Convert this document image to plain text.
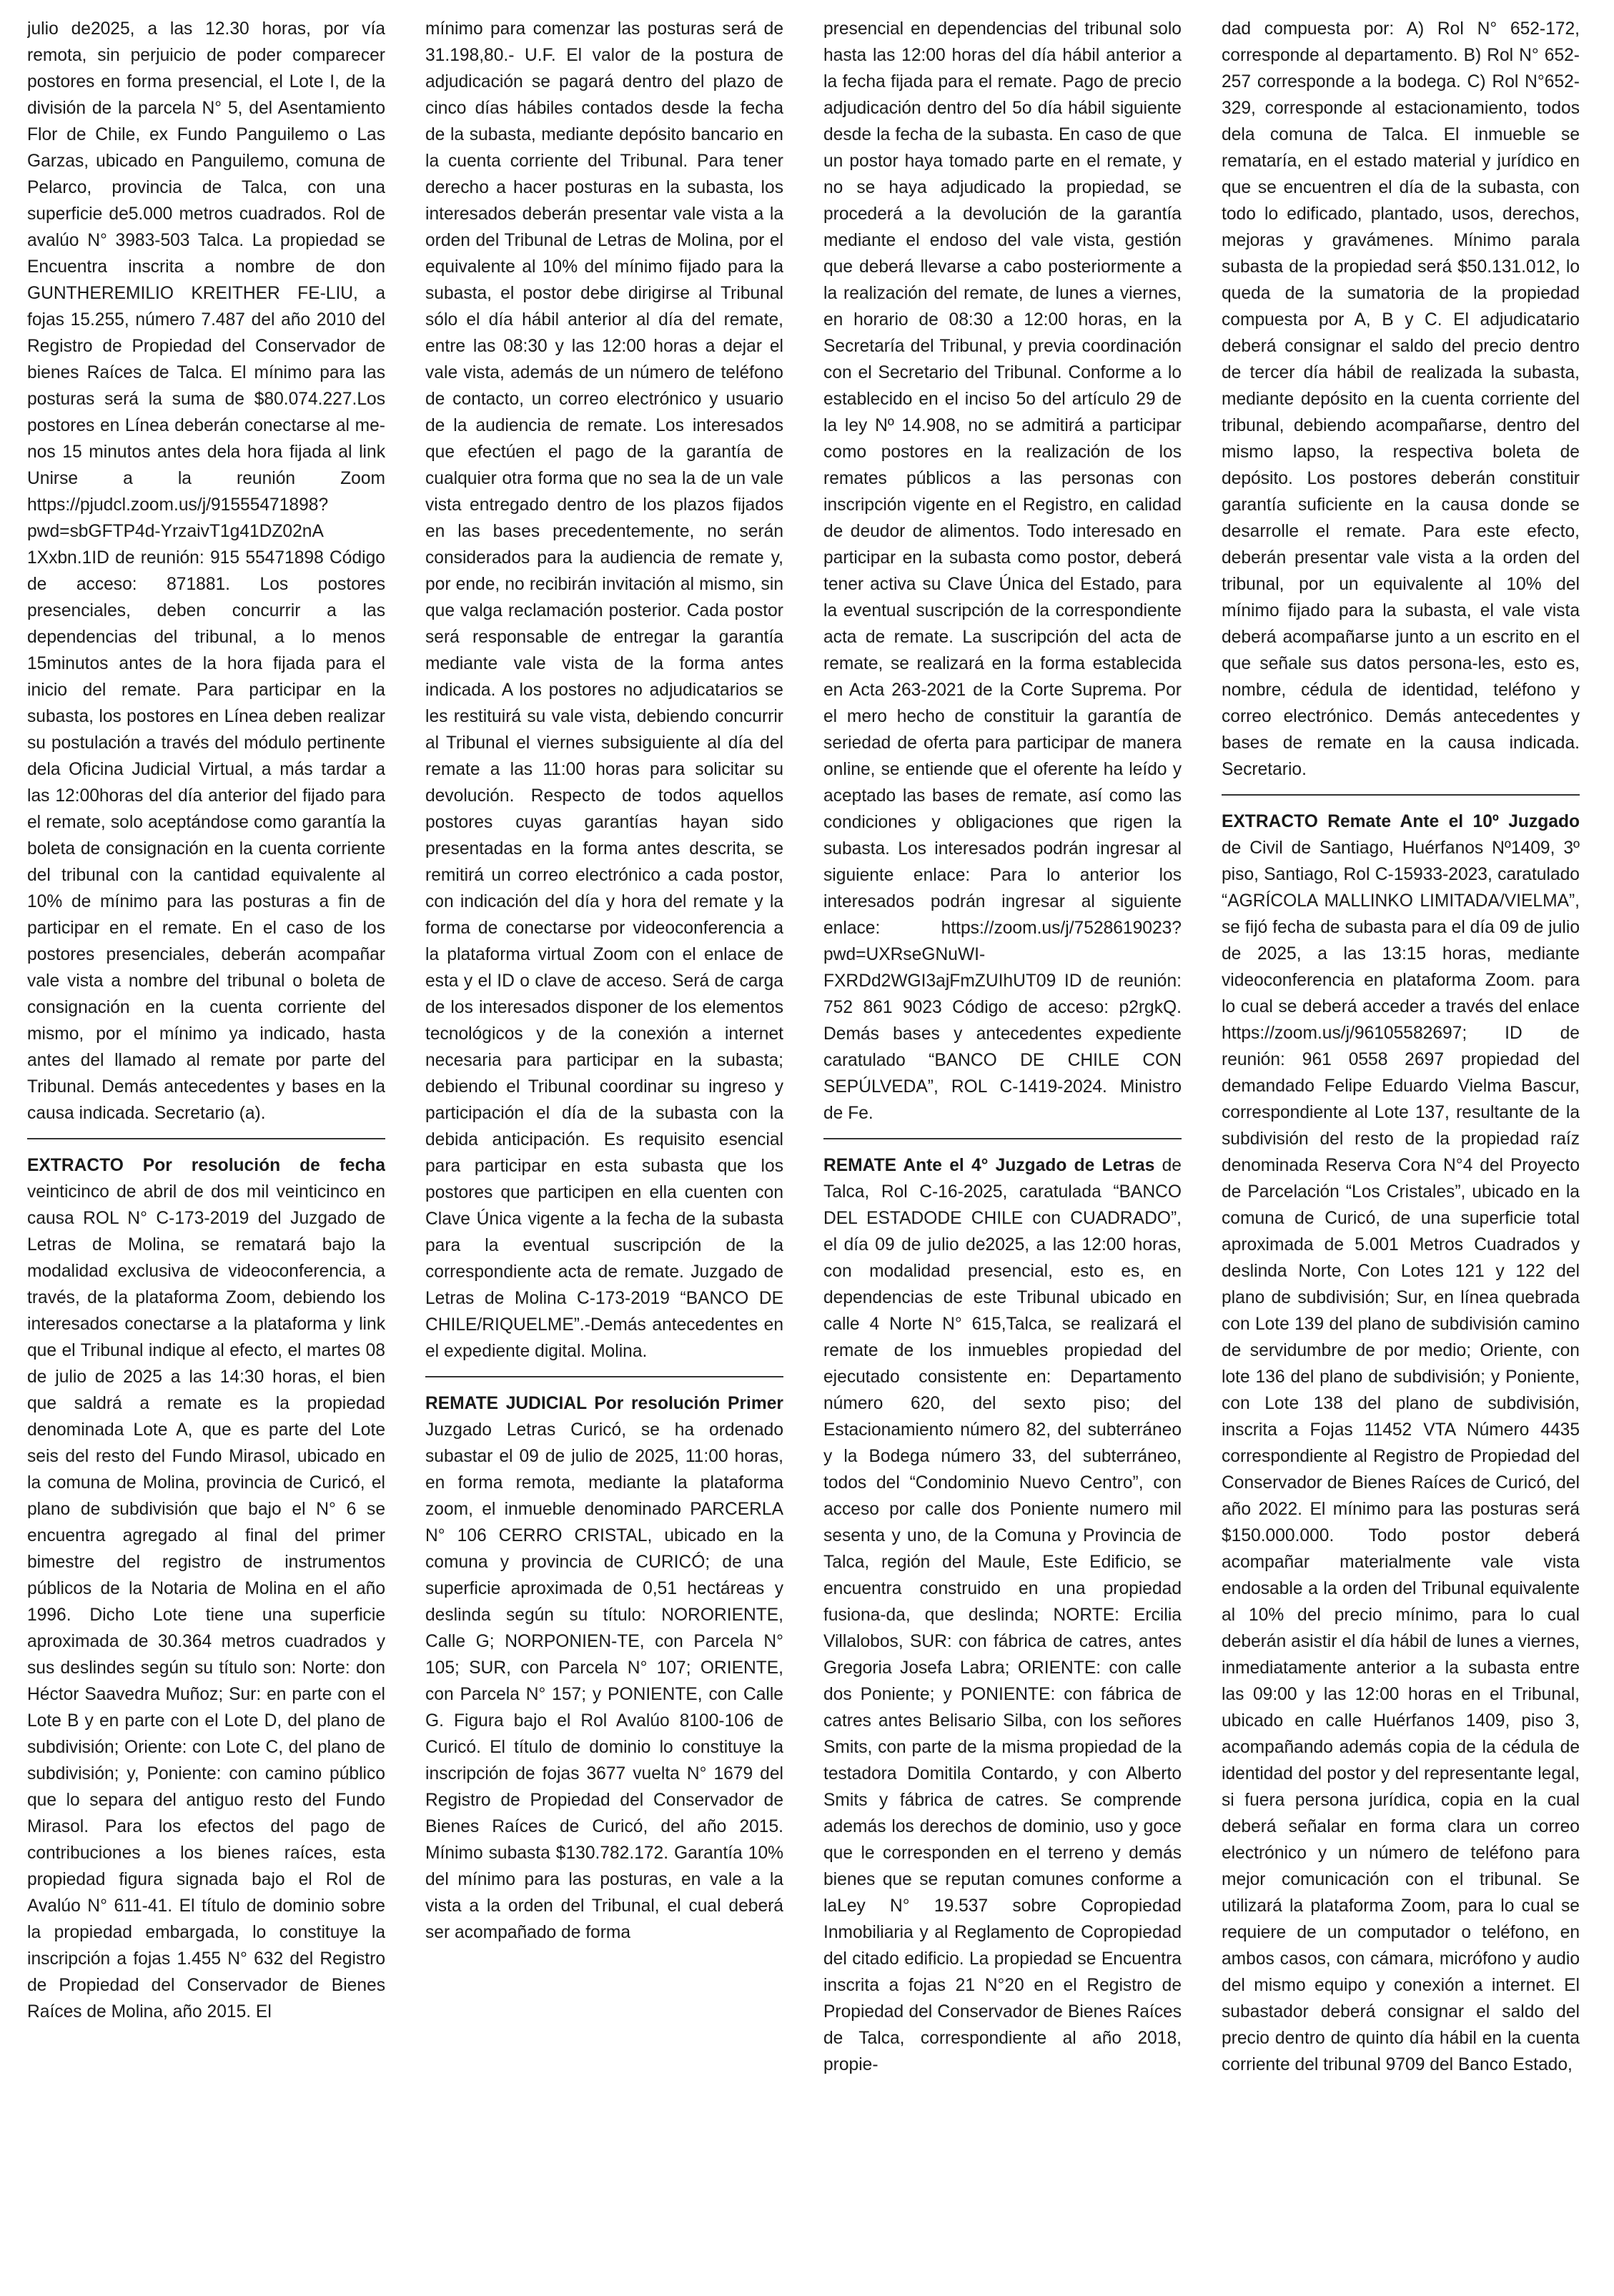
julio de2025, a las 12.30 horas, por vía remota, sin perjuicio de poder comparecer postores en forma presencial, el Lote I, de la división de la parcela N° 5, del Asentamiento Flor de Chile, ex Fundo Panguilemo o Las Garzas, ubicado en Panguilemo, comuna de Pelarco, provincia de Talca, con una superficie de5.000 metros cuadrados. Rol de avalúo N° 3983-503 Talca. La propiedad se Encuentra inscrita a nombre de don GUNTHEREMILIO KREITHER FE-LIU, a fojas 15.255, número 7.487 del año 2010 del Registro de Propiedad del Conservador de bienes Raíces de Talca. El mínimo para las posturas será la suma de $80.074.227.Los postores en Línea deberán conectarse al me-nos 15 minutos antes dela hora fijada al link Unirse a la reunión Zoom https://pjudcl.zoom.us/j/91555471898?pwd=sbGFTP4d-YrzaivT1g41DZ02nA 1Xxbn.1ID de reunión: 915 55471898 Código de acceso: 871881. Los postores presenciales, deben concurrir a las dependencias del tribunal, a lo menos 15minutos antes de la hora fijada para el inicio del remate. Para participar en la subasta, los postores en Línea deben realizar su postulación a través del módulo pertinente dela Oficina Judicial Virtual, a más tardar a las 12:00horas del día anterior del fijado para el remate, solo aceptándose como garantía la boleta de consignación en la cuenta corriente del tribunal con la cantidad equivalente al 10% de mínimo para las posturas a fin de participar en el remate. En el caso de los postores presenciales, deberán acompañar vale vista a nombre del tribunal o boleta de consignación en la cuenta corriente del mismo, por el mínimo ya indicado, hasta antes del llamado al remate por parte del Tribunal. Demás antecedentes y bases en la causa indicada. Secretario (a).

EXTRACTO Por resolución de fecha veinticinco de abril de dos mil veinticinco en causa ROL N° C-173-2019 del Juzgado de Letras de Molina, se rematará bajo la modalidad exclusiva de videoconferencia, a través, de la plataforma Zoom, debiendo los interesados conectarse a la plataforma y link que el Tribunal indique al efecto, el martes 08 de julio de 2025 a las 14:30 horas, el bien que saldrá a remate es la propiedad denominada Lote A, que es parte del Lote seis del resto del Fundo Mirasol, ubicado en la comuna de Molina, provincia de Curicó, el plano de subdivisión que bajo el N° 6 se encuentra agregado al final del primer bimestre del registro de instrumentos públicos de la Notaria de Molina en el año 1996. Dicho Lote tiene una superficie aproximada de 30.364 metros cuadrados y sus deslindes según su título son: Norte: don Héctor Saavedra Muñoz; Sur: en parte con el Lote B y en parte con el Lote D, del plano de subdivisión; Oriente: con Lote C, del plano de subdivisión; y, Poniente: con camino público que lo separa del antiguo resto del Fundo Mirasol. Para los efectos del pago de contribuciones a los bienes raíces, esta propiedad figura signada bajo el Rol de Avalúo N° 611-41. El título de dominio sobre la propiedad embargada, lo constituye la inscripción a fojas 1.455 N° 632 del Registro de Propiedad del Conservador de Bienes Raíces de Molina, año 2015. El

mínimo para comenzar las posturas será de 31.198,80.- U.F. El valor de la postura de adjudicación se pagará dentro del plazo de cinco días hábiles contados desde la fecha de la subasta, mediante depósito bancario en la cuenta corriente del Tribunal. Para tener derecho a hacer posturas en la subasta, los interesados deberán presentar vale vista a la orden del Tribunal de Letras de Molina, por el equivalente al 10% del mínimo fijado para la subasta, el postor debe dirigirse al Tribunal sólo el día hábil anterior al día del remate, entre las 08:30 y las 12:00 horas a dejar el vale vista, además de un número de teléfono de contacto, un correo electrónico y usuario de la audiencia de remate. Los interesados que efectúen el pago de la garantía de cualquier otra forma que no sea la de un vale vista entregado dentro de los plazos fijados en las bases precedentemente, no serán considerados para la audiencia de remate y, por ende, no recibirán invitación al mismo, sin que valga reclamación posterior. Cada postor será responsable de entregar la garantía mediante vale vista de la forma antes indicada. A los postores no adjudicatarios se les restituirá su vale vista, debiendo concurrir al Tribunal el viernes subsiguiente al día del remate a las 11:00 horas para solicitar su devolución. Respecto de todos aquellos postores cuyas garantías hayan sido presentadas en la forma antes descrita, se remitirá un correo electrónico a cada postor, con indicación del día y hora del remate y la forma de conectarse por videoconferencia a la plataforma virtual Zoom con el enlace de esta y el ID o clave de acceso. Será de carga de los interesados disponer de los elementos tecnológicos y de la conexión a internet necesaria para participar en la subasta; debiendo el Tribunal coordinar su ingreso y participación el día de la subasta con la debida anticipación. Es requisito esencial para participar en esta subasta que los postores que participen en ella cuenten con Clave Única vigente a la fecha de la subasta para la eventual suscripción de la correspondiente acta de remate. Juzgado de Letras de Molina C-173-2019 “BANCO DE CHILE/RIQUELME”.-Demás antecedentes en el expediente digital. Molina.

REMATE JUDICIAL Por resolución Primer Juzgado Letras Curicó, se ha ordenado subastar el 09 de julio de 2025, 11:00 horas, en forma remota, mediante la plataforma zoom, el inmueble denominado PARCERLA N° 106 CERRO CRISTAL, ubicado en la comuna y provincia de CURICÓ; de una superficie aproximada de 0,51 hectáreas y deslinda según su título: NORORIENTE, Calle G; NORPONIEN-TE, con Parcela N° 105; SUR, con Parcela N° 107; ORIENTE, con Parcela N° 157; y PONIENTE, con Calle G. Figura bajo el Rol Avalúo 8100-106 de Curicó. El título de dominio lo constituye la inscripción de fojas 3677 vuelta N° 1679 del Registro de Propiedad del Conservador de Bienes Raíces de Curicó, del año 2015. Mínimo subasta $130.782.172. Garantía 10% del mínimo para las posturas, en vale a la vista a la orden del Tribunal, el cual deberá ser acompañado de forma

presencial en dependencias del tribunal solo hasta las 12:00 horas del día hábil anterior a la fecha fijada para el remate. Pago de precio adjudicación dentro del 5o día hábil siguiente desde la fecha de la subasta. En caso de que un postor haya tomado parte en el remate, y no se haya adjudicado la propiedad, se procederá a la devolución de la garantía mediante el endoso del vale vista, gestión que deberá llevarse a cabo posteriormente a la realización del remate, de lunes a viernes, en horario de 08:30 a 12:00 horas, en la Secretaría del Tribunal, y previa coordinación con el Secretario del Tribunal. Conforme a lo establecido en el inciso 5o del artículo 29 de la ley Nº 14.908, no se admitirá a participar como postores en la realización de los remates públicos a las personas con inscripción vigente en el Registro, en calidad de deudor de alimentos. Todo interesado en participar en la subasta como postor, deberá tener activa su Clave Única del Estado, para la eventual suscripción de la correspondiente acta de remate. La suscripción del acta de remate, se realizará en la forma establecida en Acta 263-2021 de la Corte Suprema. Por el mero hecho de constituir la garantía de seriedad de oferta para participar de manera online, se entiende que el oferente ha leído y aceptado las bases de remate, así como las condiciones y obligaciones que rigen la subasta. Los interesados podrán ingresar al siguiente enlace: Para lo anterior los interesados podrán ingresar al siguiente enlace: https://zoom.us/j/7528619023?pwd=UXRseGNuWI-FXRDd2WGI3ajFmZUIhUT09 ID de reunión: 752 861 9023 Código de acceso: p2rgkQ. Demás bases y antecedentes expediente caratulado “BANCO DE CHILE CON SEPÚLVEDA”, ROL C-1419-2024. Ministro de Fe.

REMATE Ante el 4° Juzgado de Letras de Talca, Rol C-16-2025, caratulada “BANCO DEL ESTADODE CHILE con CUADRADO”, el día 09 de julio de2025, a las 12:00 horas, con modalidad presencial, esto es, en dependencias de este Tribunal ubicado en calle 4 Norte N° 615,Talca, se realizará el remate de los inmuebles propiedad del ejecutado consistente en: Departamento número 620, del sexto piso; del Estacionamiento número 82, del subterráneo y la Bodega número 33, del subterráneo, todos del “Condominio Nuevo Centro”, con acceso por calle dos Poniente numero mil sesenta y uno, de la Comuna y Provincia de Talca, región del Maule, Este Edificio, se encuentra construido en una propiedad fusiona-da, que deslinda; NORTE: Ercilia Villalobos, SUR: con fábrica de catres, antes Gregoria Josefa Labra; ORIENTE: con calle dos Poniente; y PONIENTE: con fábrica de catres antes Belisario Silba, con los señores Smits, con parte de la misma propiedad de la testadora Domitila Contardo, y con Alberto Smits y fábrica de catres. Se comprende además los derechos de dominio, uso y goce que le corresponden en el terreno y demás bienes que se reputan comunes conforme a laLey N° 19.537 sobre Copropiedad Inmobiliaria y al Reglamento de Copropiedad del citado edificio. La propiedad se Encuentra inscrita a fojas 21 N°20 en el Registro de Propiedad del Conservador de Bienes Raíces de Talca, correspondiente al año 2018, propie-

dad compuesta por: A) Rol N° 652-172, corresponde al departamento. B) Rol N° 652-257 corresponde a la bodega. C) Rol N°652-329, corresponde al estacionamiento, todos dela comuna de Talca. El inmueble se remataría, en el estado material y jurídico en que se encuentren el día de la subasta, con todo lo edificado, plantado, usos, derechos, mejoras y gravámenes. Mínimo parala subasta de la propiedad será $50.131.012, lo queda de la sumatoria de la propiedad compuesta por A, B y C. El adjudicatario deberá consignar el saldo del precio dentro de tercer día hábil de realizada la subasta, mediante depósito en la cuenta corriente del tribunal, debiendo acompañarse, dentro del mismo lapso, la respectiva boleta de depósito. Los postores deberán constituir garantía suficiente en la causa donde se desarrolle el remate. Para este efecto, deberán presentar vale vista a la orden del tribunal, por un equivalente al 10% del mínimo fijado para la subasta, el vale vista deberá acompañarse junto a un escrito en el que señale sus datos persona-les, esto es, nombre, cédula de identidad, teléfono y correo electrónico. Demás antecedentes y bases de remate en la causa indicada. Secretario.

EXTRACTO Remate Ante el 10º Juzgado de Civil de Santiago, Huérfanos Nº1409, 3º piso, Santiago, Rol C-15933-2023, caratulado “AGRÍCOLA MALLINKO LIMITADA/VIELMA”, se fijó fecha de subasta para el día 09 de julio de 2025, a las 13:15 horas, mediante videoconferencia en plataforma Zoom. para lo cual se deberá acceder a través del enlace https://zoom.us/j/96105582697; ID de reunión: 961 0558 2697 propiedad del demandado Felipe Eduardo Vielma Bascur, correspondiente al Lote 137, resultante de la subdivisión del resto de la propiedad raíz denominada Reserva Cora N°4 del Proyecto de Parcelación “Los Cristales”, ubicado en la comuna de Curicó, de una superficie total aproximada de 5.001 Metros Cuadrados y deslinda Norte, Con Lotes 121 y 122 del plano de subdivisión; Sur, en línea quebrada con Lote 139 del plano de subdivisión camino de servidumbre de por medio; Oriente, con lote 136 del plano de subdivisión; y Poniente, con Lote 138 del plano de subdivisión, inscrita a Fojas 11452 VTA Número 4435 correspondiente al Registro de Propiedad del Conservador de Bienes Raíces de Curicó, del año 2022. El mínimo para las posturas será $150.000.000. Todo postor deberá acompañar materialmente vale vista endosable a la orden del Tribunal equivalente al 10% del precio mínimo, para lo cual deberán asistir el día hábil de lunes a viernes, inmediatamente anterior a la subasta entre las 09:00 y las 12:00 horas en el Tribunal, ubicado en calle Huérfanos 1409, piso 3, acompañando además copia de la cédula de identidad del postor y del representante legal, si fuera persona jurídica, copia en la cual deberá señalar en forma clara un correo electrónico y un número de teléfono para mejor comunicación con el tribunal. Se utilizará la plataforma Zoom, para lo cual se requiere de un computador o teléfono, en ambos casos, con cámara, micrófono y audio del mismo equipo y conexión a internet. El subastador deberá consignar el saldo del precio dentro de quinto día hábil en la cuenta corriente del tribunal 9709 del Banco Estado,
